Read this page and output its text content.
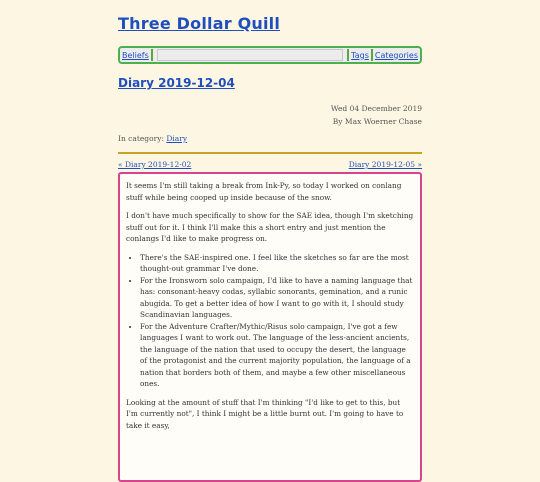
Three Dollar Quill
Beliefs	Tags Categories
Diary 2019-12-04
Wed 04 December 2019
By Max Woerner Chase
In category: Diary
« Diary 2019-12-02	Diary 2019-12-05 »

It seems I'm still taking a break from Ink-Py, so today I worked on conlang stuff while being cooped up inside because of the snow.

I don't have much specifically to show for the SAE idea, though I'm sketching stuff out for it. I think I'll make this a short entry and just mention the conlangs I'd like to make progress on.

• There's the SAE-inspired one. I feel like the sketches so far are the most thought-out grammar I've done.
• For the Ironsworn solo campaign, I'd like to have a naming language that has: consonant-heavy codas, syllabic sonorants, gemination, and a runic abugida. To get a better idea of how I want to go with it, I should study Scandinavian languages.
• For the Adventure Crafter/Mythic/Risus solo campaign, I've got a few languages I want to work out. The language of the less-ancient ancients, the language of the nation that used to occupy the desert, the language of the protagonist and the current majority population, the language of a nation that borders both of them, and maybe a few other miscellaneous ones.

Looking at the amount of stuff that I'm thinking "I'd like to get to this, but I'm currently not", I think I might be a little burnt out. I'm going to have to take it easy,
